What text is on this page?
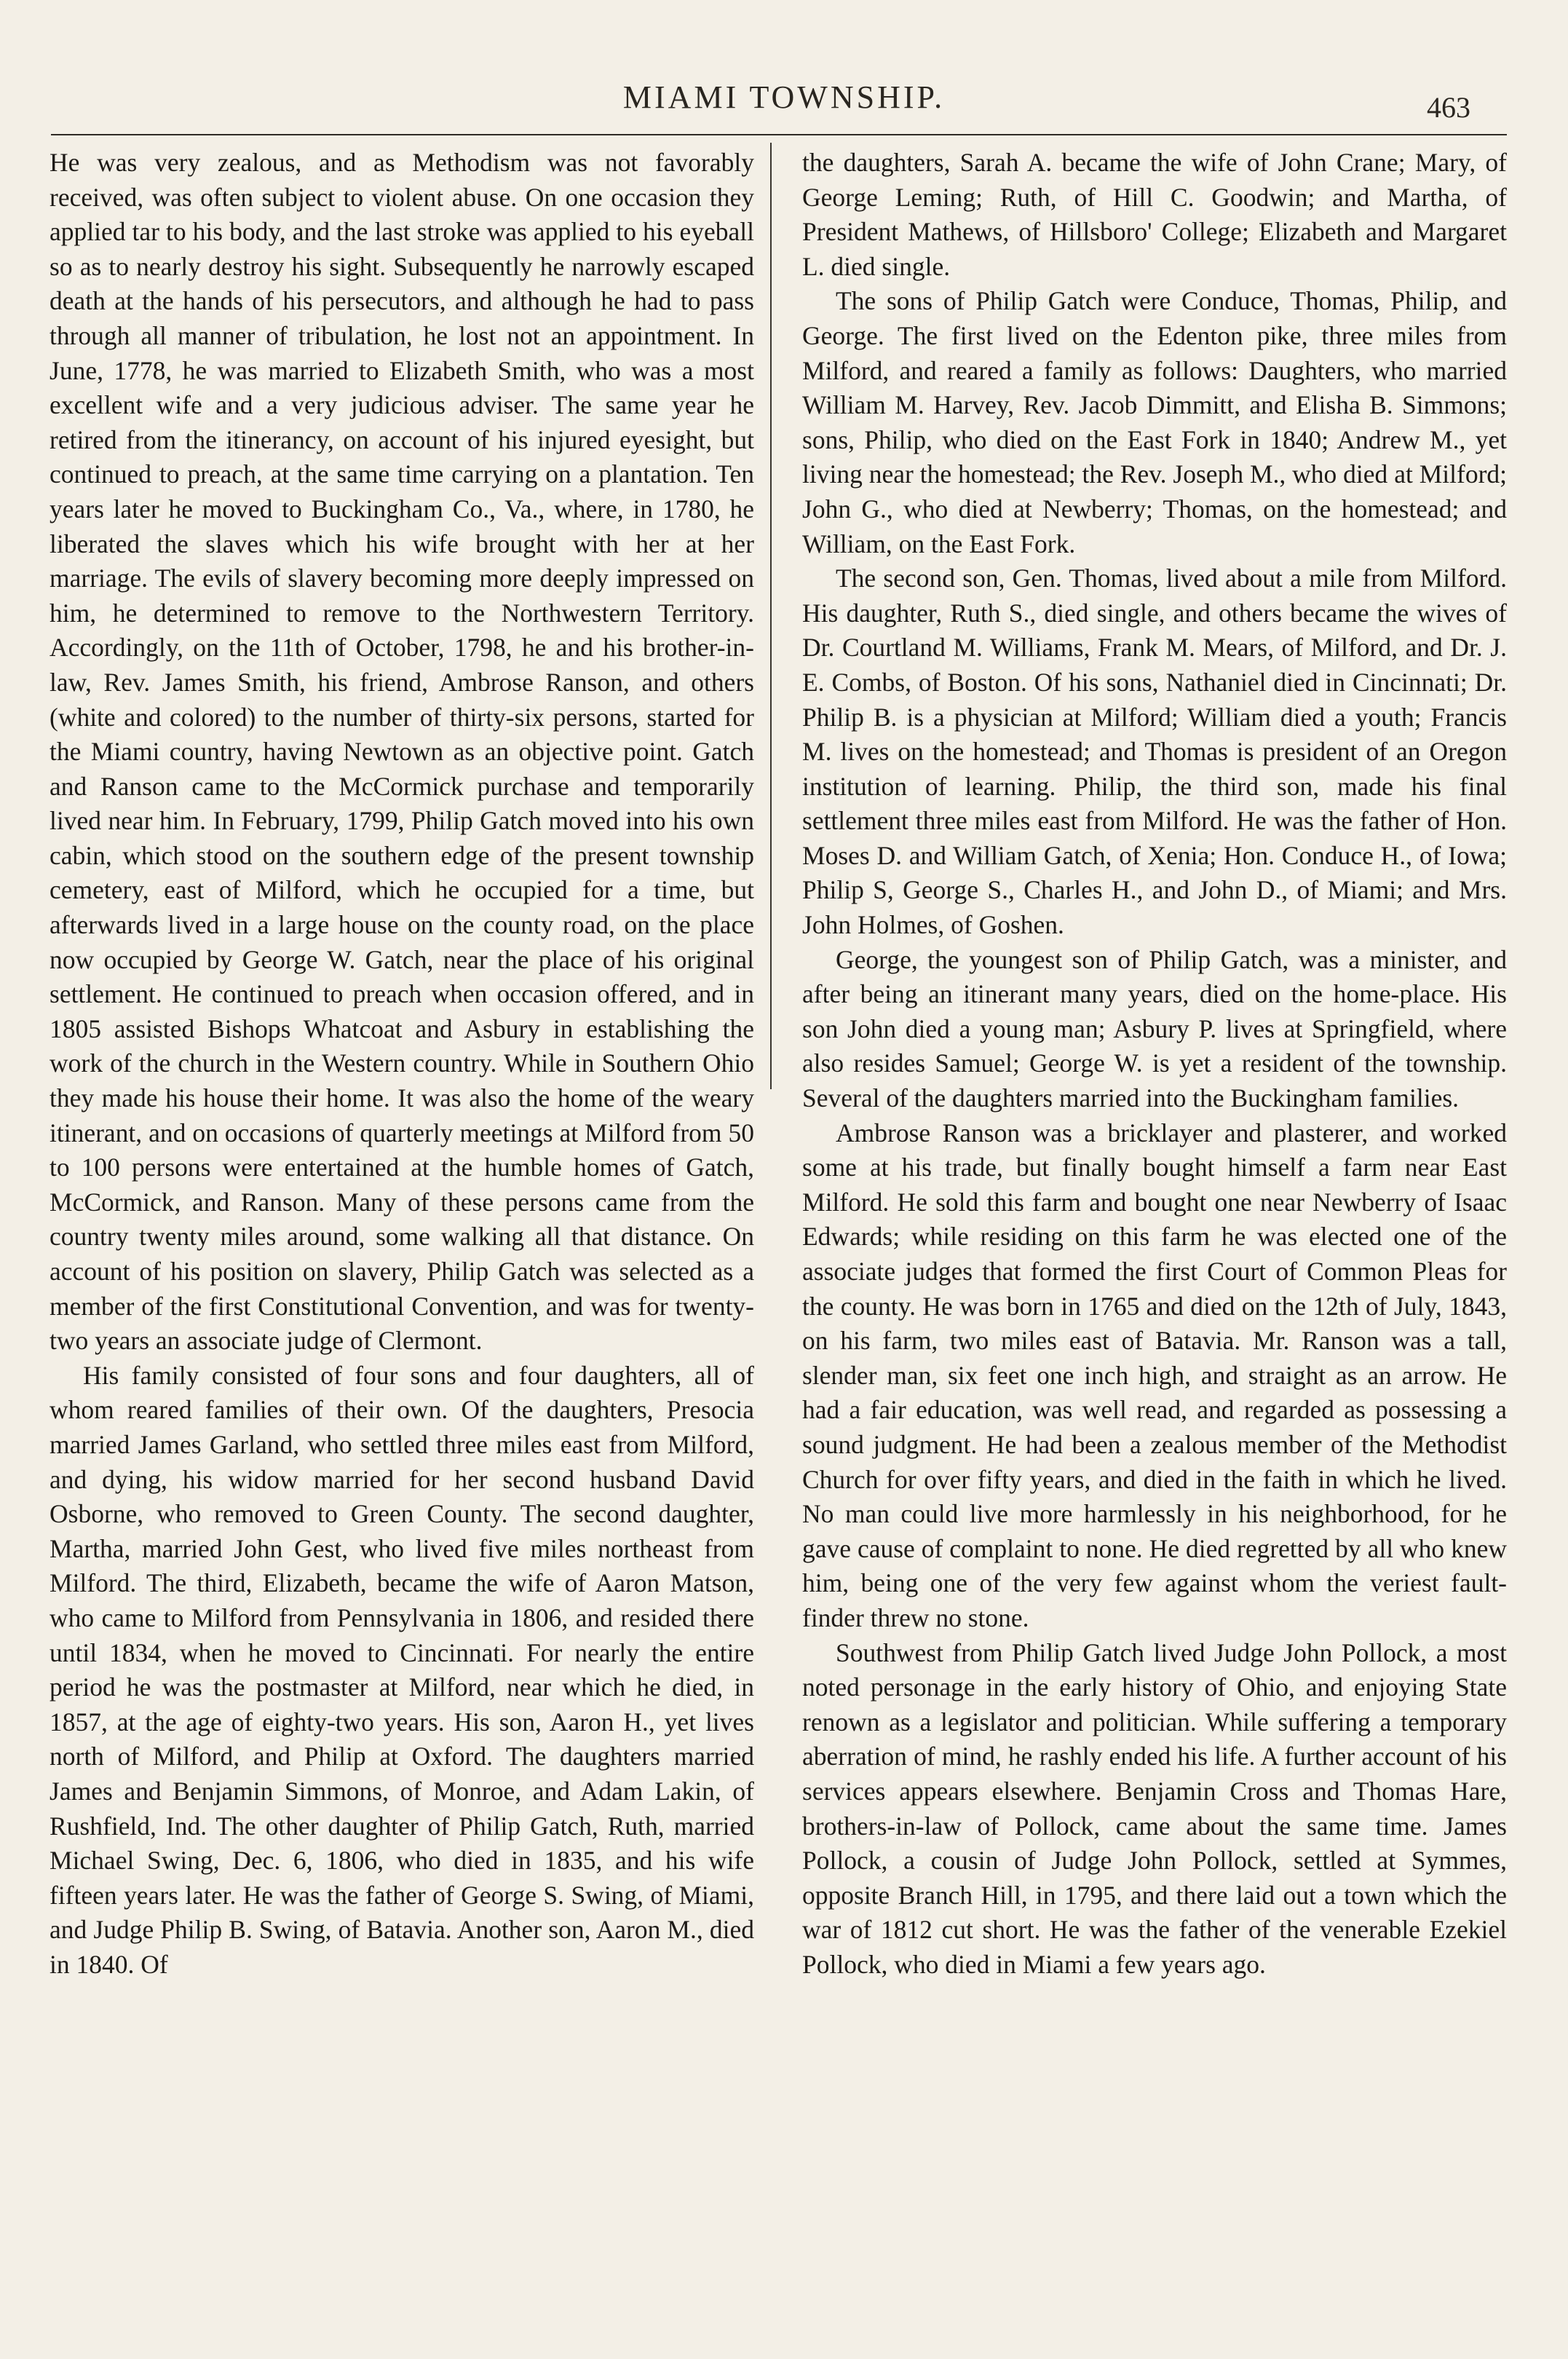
MIAMI TOWNSHIP.	463

He was very zealous, and as Methodism was not favorably received, was often subject to violent abuse. On one occasion they applied tar to his body, and the last stroke was applied to his eyeball so as to nearly destroy his sight. Subsequently he narrowly escaped death at the hands of his persecutors, and although he had to pass through all manner of tribulation, he lost not an appointment. In June, 1778, he was married to Elizabeth Smith, who was a most excellent wife and a very judicious adviser. The same year he retired from the itinerancy, on account of his injured eyesight, but continued to preach, at the same time carrying on a plantation. Ten years later he moved to Buckingham Co., Va., where, in 1780, he liberated the slaves which his wife brought with her at her marriage. The evils of slavery becoming more deeply impressed on him, he determined to remove to the Northwestern Territory. Accordingly, on the 11th of October, 1798, he and his brother-in-law, Rev. James Smith, his friend, Ambrose Ranson, and others (white and colored) to the number of thirty-six persons, started for the Miami country, having Newtown as an objective point. Gatch and Ranson came to the McCormick purchase and temporarily lived near him. In February, 1799, Philip Gatch moved into his own cabin, which stood on the southern edge of the present township cemetery, east of Milford, which he occupied for a time, but afterwards lived in a large house on the county road, on the place now occupied by George W. Gatch, near the place of his original settlement. He continued to preach when occasion offered, and in 1805 assisted Bishops Whatcoat and Asbury in establishing the work of the church in the Western country. While in Southern Ohio they made his house their home. It was also the home of the weary itinerant, and on occasions of quarterly meetings at Milford from 50 to 100 persons were entertained at the humble homes of Gatch, McCormick, and Ranson. Many of these persons came from the country twenty miles around, some walking all that distance. On account of his position on slavery, Philip Gatch was selected as a member of the first Constitutional Convention, and was for twenty-two years an associate judge of Clermont.

His family consisted of four sons and four daughters, all of whom reared families of their own. Of the daughters, Presocia married James Garland, who settled three miles east from Milford, and dying, his widow married for her second husband David Osborne, who removed to Green County. The second daughter, Martha, married John Gest, who lived five miles northeast from Milford. The third, Elizabeth, became the wife of Aaron Matson, who came to Milford from Pennsylvania in 1806, and resided there until 1834, when he moved to Cincinnati. For nearly the entire period he was the postmaster at Milford, near which he died, in 1857, at the age of eighty-two years. His son, Aaron H., yet lives north of Milford, and Philip at Oxford. The daughters married James and Benjamin Simmons, of Monroe, and Adam Lakin, of Rushfield, Ind. The other daughter of Philip Gatch, Ruth, married Michael Swing, Dec. 6, 1806, who died in 1835, and his wife fifteen years later. He was the father of George S. Swing, of Miami, and Judge Philip B. Swing, of Batavia. Another son, Aaron M., died in 1840. Of

the daughters, Sarah A. became the wife of John Crane; Mary, of George Leming; Ruth, of Hill C. Goodwin; and Martha, of President Mathews, of Hillsboro' College; Elizabeth and Margaret L. died single.

The sons of Philip Gatch were Conduce, Thomas, Philip, and George. The first lived on the Edenton pike, three miles from Milford, and reared a family as follows: Daughters, who married William M. Harvey, Rev. Jacob Dimmitt, and Elisha B. Simmons; sons, Philip, who died on the East Fork in 1840; Andrew M., yet living near the homestead; the Rev. Joseph M., who died at Milford; John G., who died at Newberry; Thomas, on the homestead; and William, on the East Fork.

The second son, Gen. Thomas, lived about a mile from Milford. His daughter, Ruth S., died single, and others became the wives of Dr. Courtland M. Williams, Frank M. Mears, of Milford, and Dr. J. E. Combs, of Boston. Of his sons, Nathaniel died in Cincinnati; Dr. Philip B. is a physician at Milford; William died a youth; Francis M. lives on the homestead; and Thomas is president of an Oregon institution of learning. Philip, the third son, made his final settlement three miles east from Milford. He was the father of Hon. Moses D. and William Gatch, of Xenia; Hon. Conduce H., of Iowa; Philip S, George S., Charles H., and John D., of Miami; and Mrs. John Holmes, of Goshen.

George, the youngest son of Philip Gatch, was a minister, and after being an itinerant many years, died on the home-place. His son John died a young man; Asbury P. lives at Springfield, where also resides Samuel; George W. is yet a resident of the township. Several of the daughters married into the Buckingham families.

Ambrose Ranson was a bricklayer and plasterer, and worked some at his trade, but finally bought himself a farm near East Milford. He sold this farm and bought one near Newberry of Isaac Edwards; while residing on this farm he was elected one of the associate judges that formed the first Court of Common Pleas for the county. He was born in 1765 and died on the 12th of July, 1843, on his farm, two miles east of Batavia. Mr. Ranson was a tall, slender man, six feet one inch high, and straight as an arrow. He had a fair education, was well read, and regarded as possessing a sound judgment. He had been a zealous member of the Methodist Church for over fifty years, and died in the faith in which he lived. No man could live more harmlessly in his neighborhood, for he gave cause of complaint to none. He died regretted by all who knew him, being one of the very few against whom the veriest fault-finder threw no stone.

Southwest from Philip Gatch lived Judge John Pollock, a most noted personage in the early history of Ohio, and enjoying State renown as a legislator and politician. While suffering a temporary aberration of mind, he rashly ended his life. A further account of his services appears elsewhere. Benjamin Cross and Thomas Hare, brothers-in-law of Pollock, came about the same time. James Pollock, a cousin of Judge John Pollock, settled at Symmes, opposite Branch Hill, in 1795, and there laid out a town which the war of 1812 cut short. He was the father of the venerable Ezekiel Pollock, who died in Miami a few years ago.
